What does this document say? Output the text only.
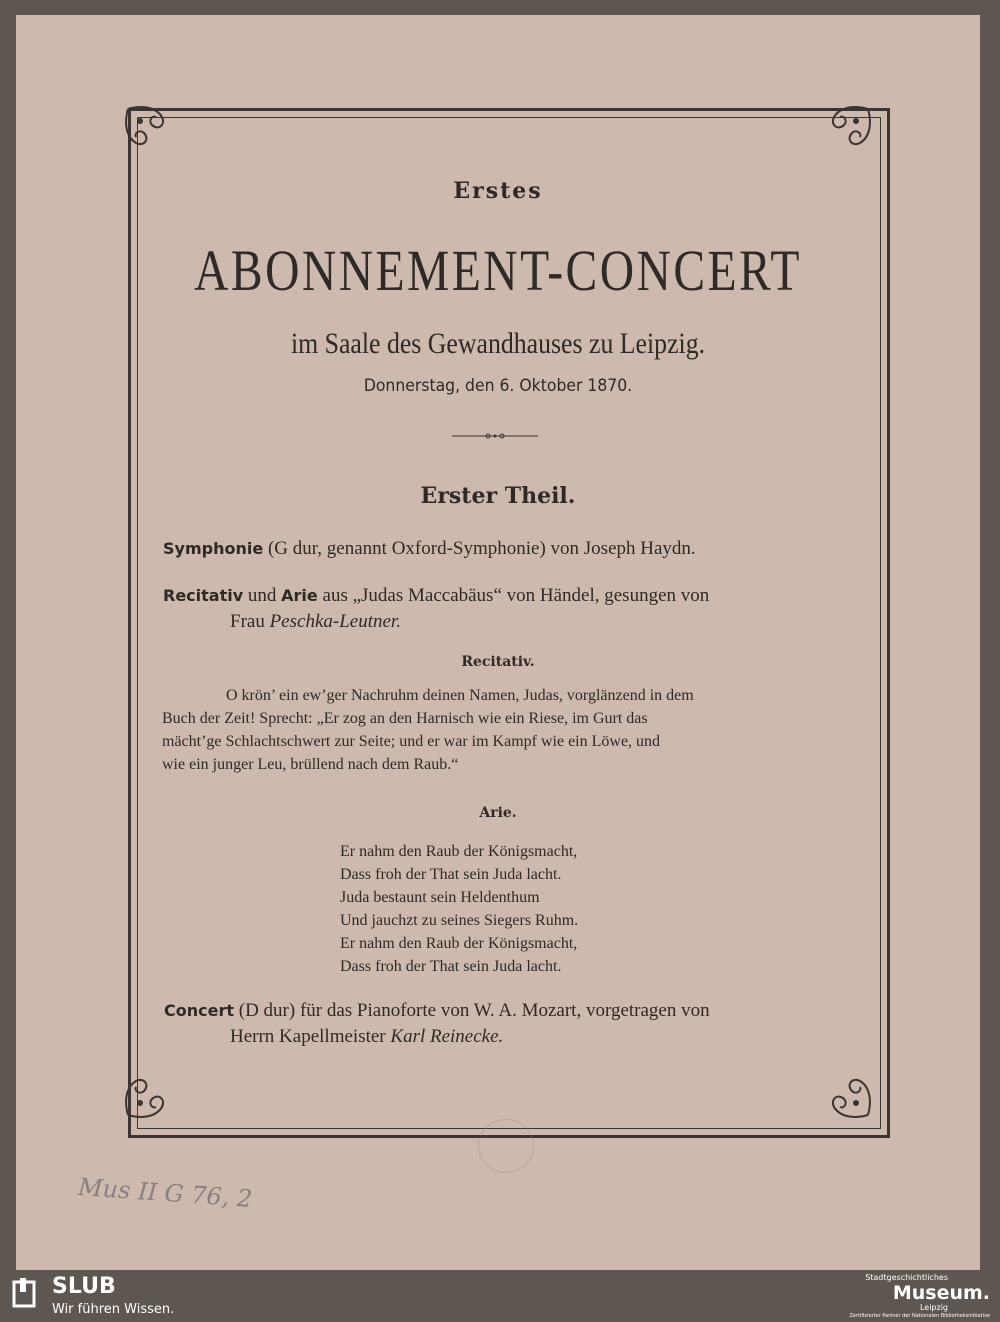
Erstes
ABONNEMENT-CONCERT
im Saale des Gewandhauses zu Leipzig.
Donnerstag, den 6. Oktober 1870.
Erster Theil.
Symphonie (G dur, genannt Oxford-Symphonie) von Joseph Haydn.
Recitativ und Arie aus „Judas Maccabäus“ von Händel, gesungen von
Frau Peschka-Leutner.
Recitativ.
O krön’ ein ew’ger Nachruhm deinen Namen, Judas, vorglänzend in dem
Buch der Zeit! Sprecht: „Er zog an den Harnisch wie ein Riese, im Gurt das
mächt’ge Schlachtschwert zur Seite; und er war im Kampf wie ein Löwe, und
wie ein junger Leu, brüllend nach dem Raub.“
Arie.
Er nahm den Raub der Königsmacht,
Dass froh der That sein Juda lacht.
Juda bestaunt sein Heldenthum
Und jauchzt zu seines Siegers Ruhm.
Er nahm den Raub der Königsmacht,
Dass froh der That sein Juda lacht.
Concert (D dur) für das Pianoforte von W. A. Mozart, vorgetragen von
Herrn Kapellmeister Karl Reinecke.
Mus II G 76, 2
SLUB
Wir führen Wissen.
Stadtgeschichtliches
Museum.
Leipzig
Zertifizierter Partner der Nationalen Bibliotheksinitiative
